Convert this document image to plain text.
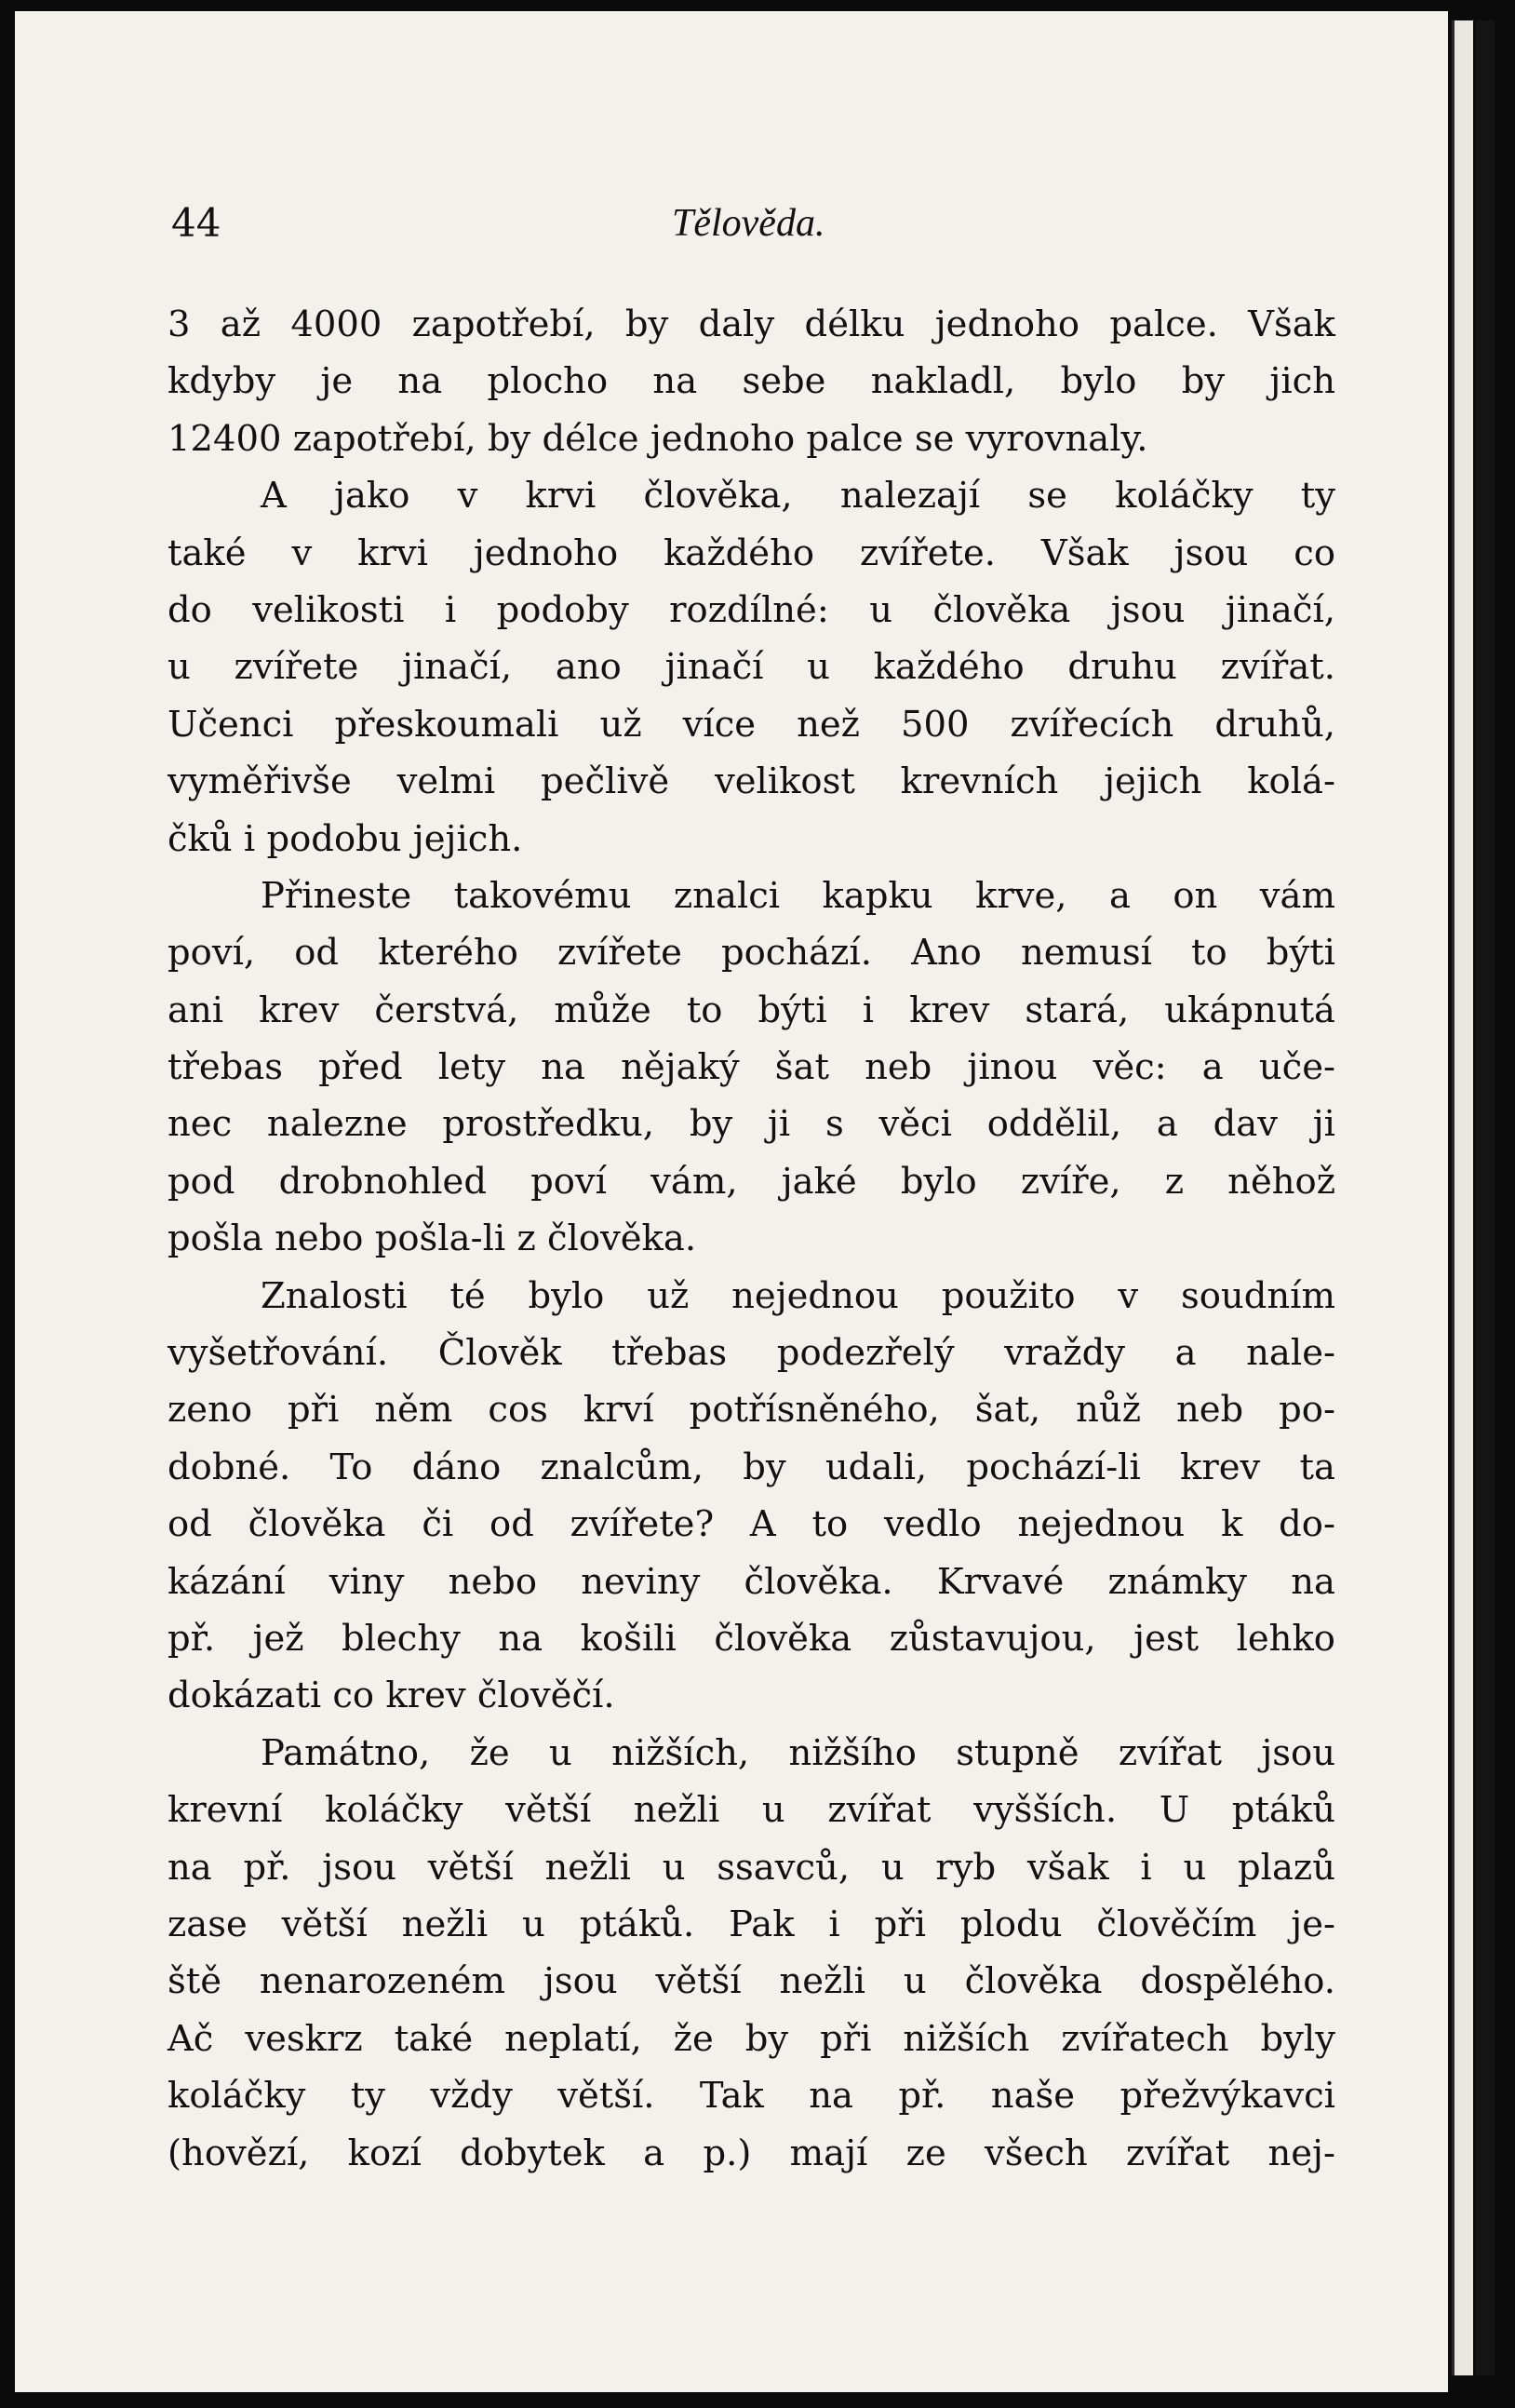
44	Tělověda.
3 až 4000 zapotřebí, by daly délku jednoho palce. Však
kdyby je na plocho na sebe nakladl, bylo by jich
12400 zapotřebí, by délce jednoho palce se vyrovnaly.
A jako v krvi člověka, nalezají se koláčky ty
také v krvi jednoho každého zvířete. Však jsou co
do velikosti i podoby rozdílné: u člověka jsou jinačí,
u zvířete jinačí, ano jinačí u každého druhu zvířat.
Učenci přeskoumali už více než 500 zvířecích druhů,
vyměřivše velmi pečlivě velikost krevních jejich kolá-
čků i podobu jejich.
Přineste takovému znalci kapku krve, a on vám
poví, od kterého zvířete pochází. Ano nemusí to býti
ani krev čerstvá, může to býti i krev stará, ukápnutá
třebas před lety na nějaký šat neb jinou věc: a uče-
nec nalezne prostředku, by ji s věci oddělil, a dav ji
pod drobnohled poví vám, jaké bylo zvíře, z něhož
pošla nebo pošla-li z člověka.
Znalosti té bylo už nejednou použito v soudním
vyšetřování. Člověk třebas podezřelý vraždy a nale-
zeno při něm cos krví potřísněného, šat, nůž neb po-
dobné. To dáno znalcům, by udali, pochází-li krev ta
od člověka či od zvířete? A to vedlo nejednou k do-
kázání viny nebo neviny člověka. Krvavé známky na
př. jež blechy na košili člověka zůstavujou, jest lehko
dokázati co krev člověčí.
Památno, že u nižších, nižšího stupně zvířat jsou
krevní koláčky větší nežli u zvířat vyšších. U ptáků
na př. jsou větší nežli u ssavců, u ryb však i u plazů
zase větší nežli u ptáků. Pak i při plodu člověčím je-
ště nenarozeném jsou větší nežli u člověka dospělého.
Ač veskrz také neplatí, že by při nižších zvířatech byly
koláčky ty vždy větší. Tak na př. naše přežvýkavci
(hovězí, kozí dobytek a p.) mají ze všech zvířat nej-
